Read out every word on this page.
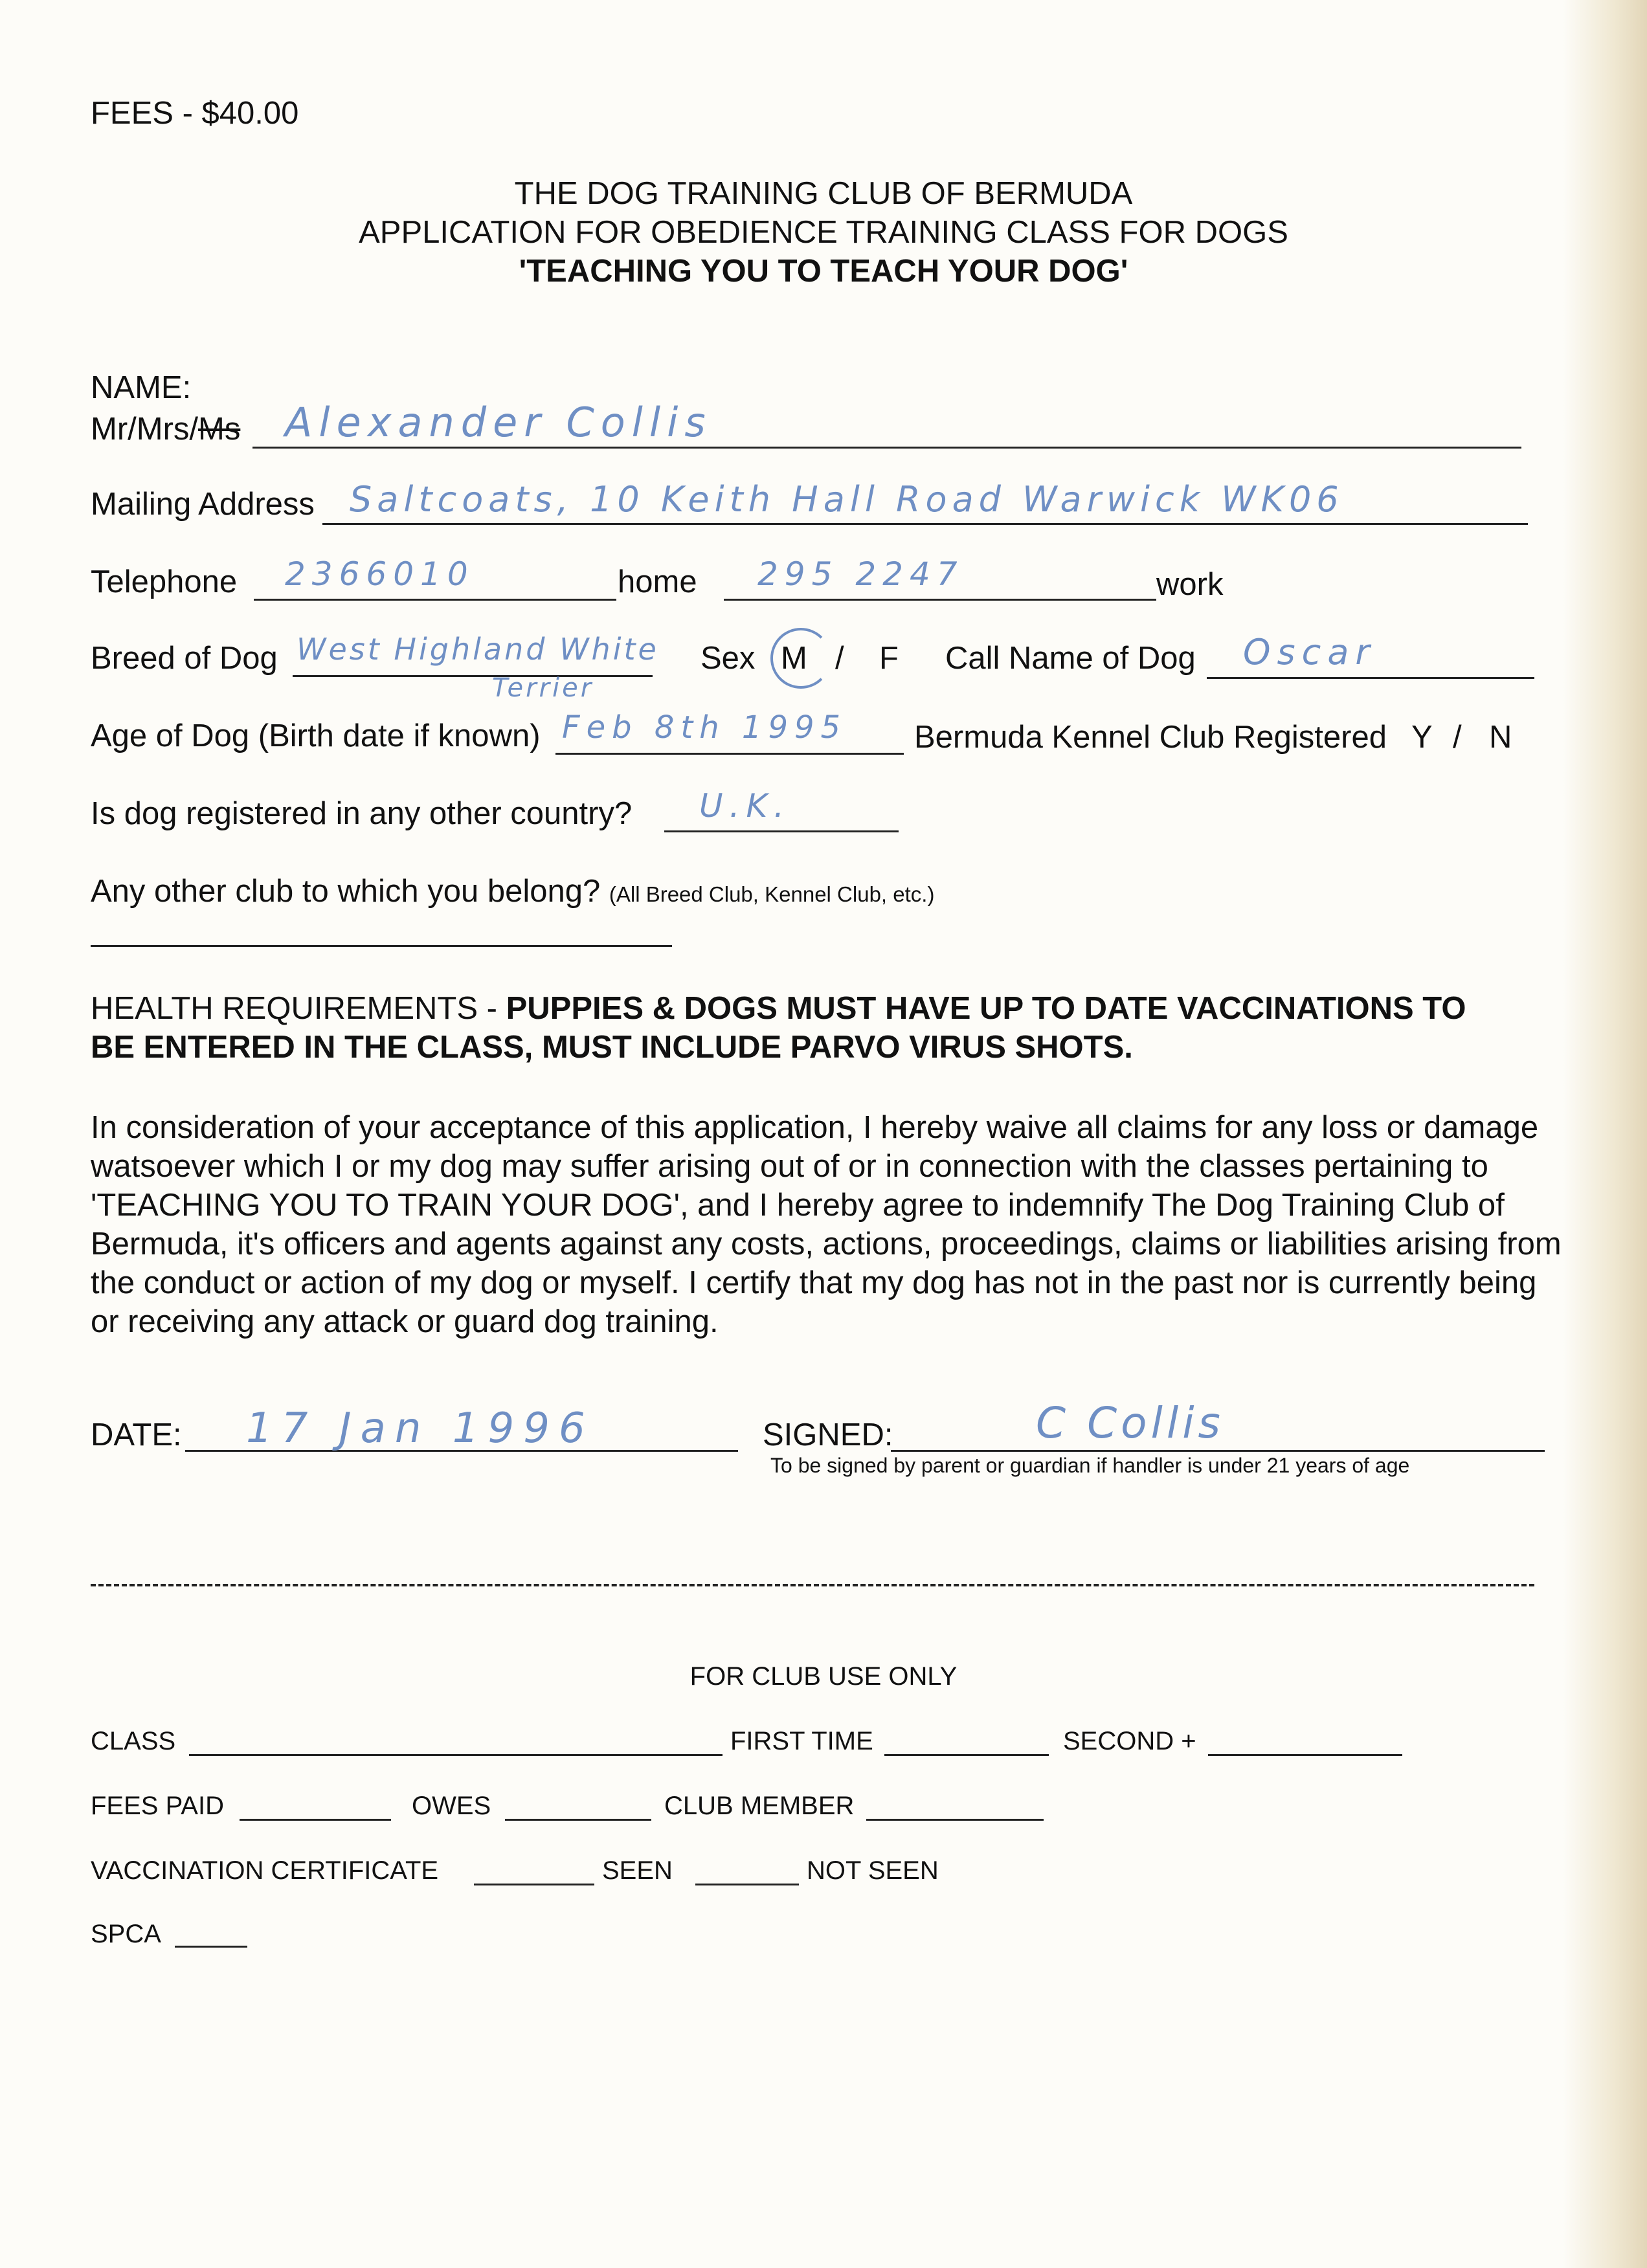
FEES - $40.00
THE DOG TRAINING CLUB OF BERMUDA
APPLICATION FOR OBEDIENCE TRAINING CLASS FOR DOGS
'TEACHING YOU TO TEACH YOUR DOG'
NAME:
Mr/Mrs/Ms Alexander Collis
Mailing Address Saltcoats, 10 Keith Hall Road Warwick WK06
Telephone 2366010	home 295 2247	work
Breed of Dog West Highland White
Terrier
Sex M / F Call Name of Dog Oscar
Age of Dog (Birth date if known) Feb 8th 1995 Bermuda Kennel Club Registered Y / N
Is dog registered in any other country? U.K.
Any other club to which you belong? (All Breed Club, Kennel Club, etc.)
HEALTH REQUIREMENTS - PUPPIES & DOGS MUST HAVE UP TO DATE VACCINATIONS TO
BE ENTERED IN THE CLASS, MUST INCLUDE PARVO VIRUS SHOTS.
In consideration of your acceptance of this application, I hereby waive all claims for any loss or damage
watsoever which I or my dog may suffer arising out of or in connection with the classes pertaining to
'TEACHING YOU TO TRAIN YOUR DOG', and I hereby agree to indemnify The Dog Training Club of
Bermuda, it's officers and agents against any costs, actions, proceedings, claims or liabilities arising from
the conduct or action of my dog or myself. I certify that my dog has not in the past nor is currently being
or receiving any attack or guard dog training.
DATE: 17 Jan 1996	SIGNED:	C Collis
To be signed by parent or guardian if handler is under 21 years of age
FOR CLUB USE ONLY
CLASS	FIRST TIME	SECOND +
FEES PAID	OWES	CLUB MEMBER
VACCINATION CERTIFICATE	SEEN	NOT SEEN
SPCA
